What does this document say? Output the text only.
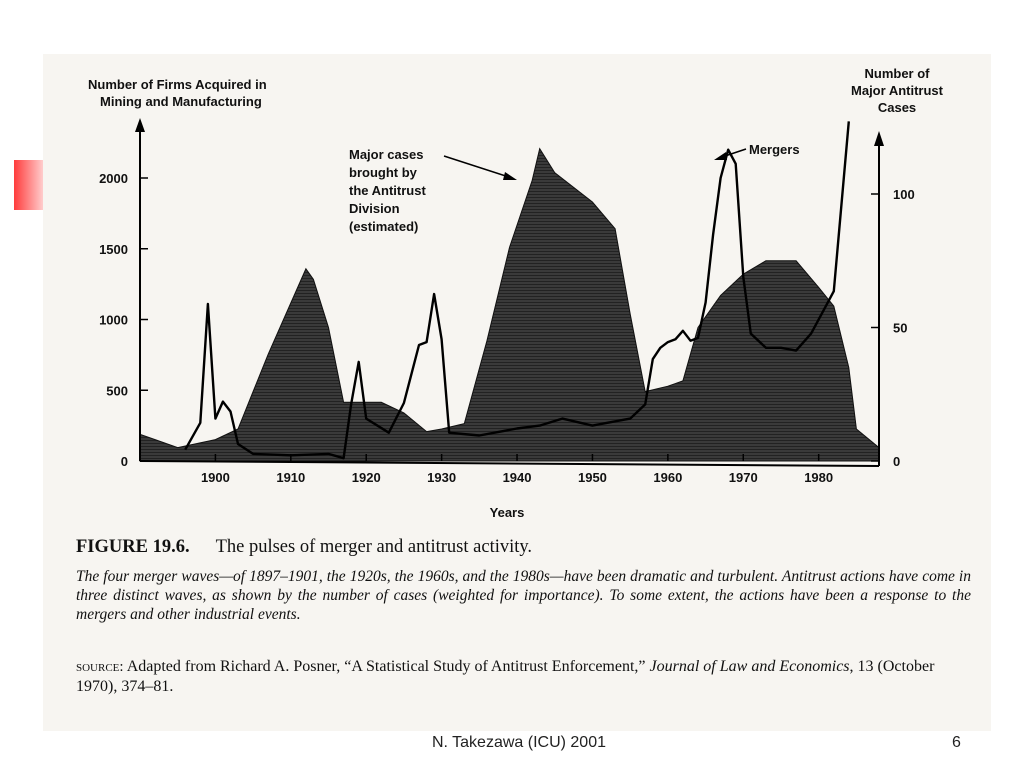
Number of Firms Acquired in
Mining and Manufacturing
Number of
Major Antitrust
Cases
Years
1900	1910	1920	1930	1940	1950	1960	1970	1980
0
500
1000
1500
2000
0
50
100
Major cases
brought by
the Antitrust
Division
(estimated)
Mergers
FIGURE 19.6. The pulses of merger and antitrust activity.
The four merger waves—of 1897–1901, the 1920s, the 1960s, and the 1980s—have been dramatic and turbulent. Antitrust actions have come in three distinct waves, as shown by the number of cases (weighted for importance). To some extent, the actions have been a response to the mergers and other industrial events.
source: Adapted from Richard A. Posner, “A Statistical Study of Antitrust Enforcement,” Journal of Law and Economics, 13 (October 1970), 374–81.
N. Takezawa (ICU) 2001	6
